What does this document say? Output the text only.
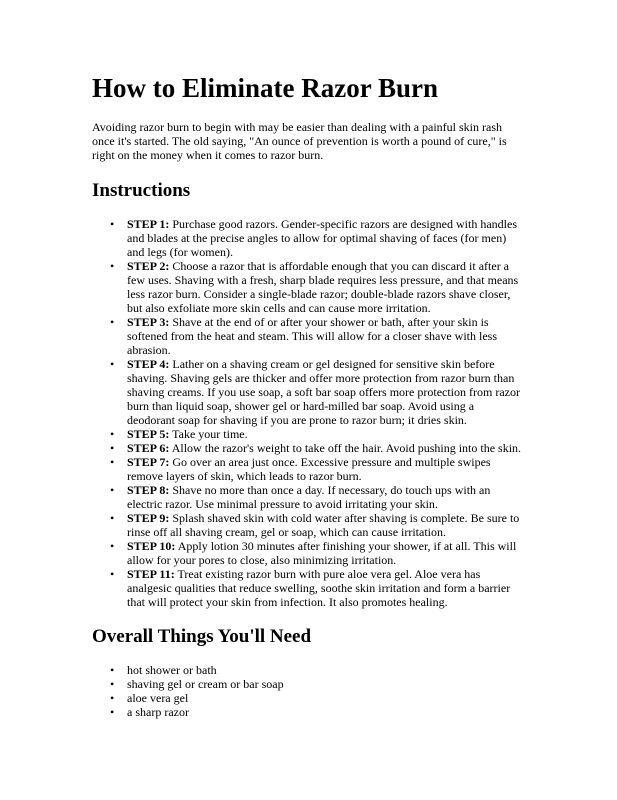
How to Eliminate Razor Burn

Avoiding razor burn to begin with may be easier than dealing with a painful skin rash once it's started. The old saying, "An ounce of prevention is worth a pound of cure," is right on the money when it comes to razor burn.

Instructions
• STEP 1: Purchase good razors. Gender-specific razors are designed with handles and blades at the precise angles to allow for optimal shaving of faces (for men) and legs (for women).
• STEP 2: Choose a razor that is affordable enough that you can discard it after a few uses. Shaving with a fresh, sharp blade requires less pressure, and that means less razor burn. Consider a single-blade razor; double-blade razors shave closer, but also exfoliate more skin cells and can cause more irritation.
• STEP 3: Shave at the end of or after your shower or bath, after your skin is softened from the heat and steam. This will allow for a closer shave with less abrasion.
• STEP 4: Lather on a shaving cream or gel designed for sensitive skin before shaving. Shaving gels are thicker and offer more protection from razor burn than shaving creams. If you use soap, a soft bar soap offers more protection from razor burn than liquid soap, shower gel or hard-milled bar soap. Avoid using a deodorant soap for shaving if you are prone to razor burn; it dries skin.
• STEP 5: Take your time.
• STEP 6: Allow the razor's weight to take off the hair. Avoid pushing into the skin.
• STEP 7: Go over an area just once. Excessive pressure and multiple swipes remove layers of skin, which leads to razor burn.
• STEP 8: Shave no more than once a day. If necessary, do touch ups with an electric razor. Use minimal pressure to avoid irritating your skin.
• STEP 9: Splash shaved skin with cold water after shaving is complete. Be sure to rinse off all shaving cream, gel or soap, which can cause irritation.
• STEP 10: Apply lotion 30 minutes after finishing your shower, if at all. This will allow for your pores to close, also minimizing irritation.
• STEP 11: Treat existing razor burn with pure aloe vera gel. Aloe vera has analgesic qualities that reduce swelling, soothe skin irritation and form a barrier that will protect your skin from infection. It also promotes healing.
Overall Things You'll Need
• hot shower or bath
• shaving gel or cream or bar soap
• aloe vera gel
• a sharp razor
